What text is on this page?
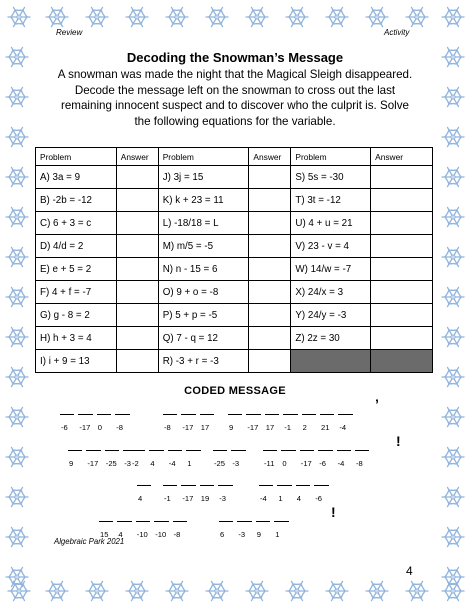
Review	Activity
Decoding the Snowman’s Message
A snowman was made the night that the Magical Sleigh disappeared.
Decode the message left on the snowman to cross out the last
remaining innocent suspect and to discover who the culprit is. Solve
the following equations for the variable.
Problem	Answer	Problem	Answer	Problem	Answer
A) 3a = 9		J) 3j = 15		S) 5s = -30	
B) -2b = -12		K) k + 23 = 11		T) 3t = -12	
C) 6 + 3 = c		L) -18/18 = L		U) 4 + u = 21	
D) 4/d = 2		M) m/5 = -5		V) 23 - v = 4	
E) e + 5 = 2		N) n - 15 = 6		W) 14/w = -7	
F) 4 + f = -7		O) 9 + o = -8		X) 24/x = 3	
G) g - 8 = 2		P) 5 + p = -5		Y) 24/y = -3	
H) h + 3 = 4		Q) 7 - q = 12		Z) 2z = 30	
I) i + 9 = 13		R) -3 + r = -3			
CODED MESSAGE
-6 -17 0 -8	-8 -17 17	9 -17 17 -1 2 21 -4
’
9 -17 -25 -3 -2 4 -4 1	-25 -3	-11 0 -17 -6 -4 -8
!
4	-1 -17 19 -3	-4 1 4 -6
15 4 -10 -10 -8	6 -3 9 1
!
Algebraic Park 2021
4
